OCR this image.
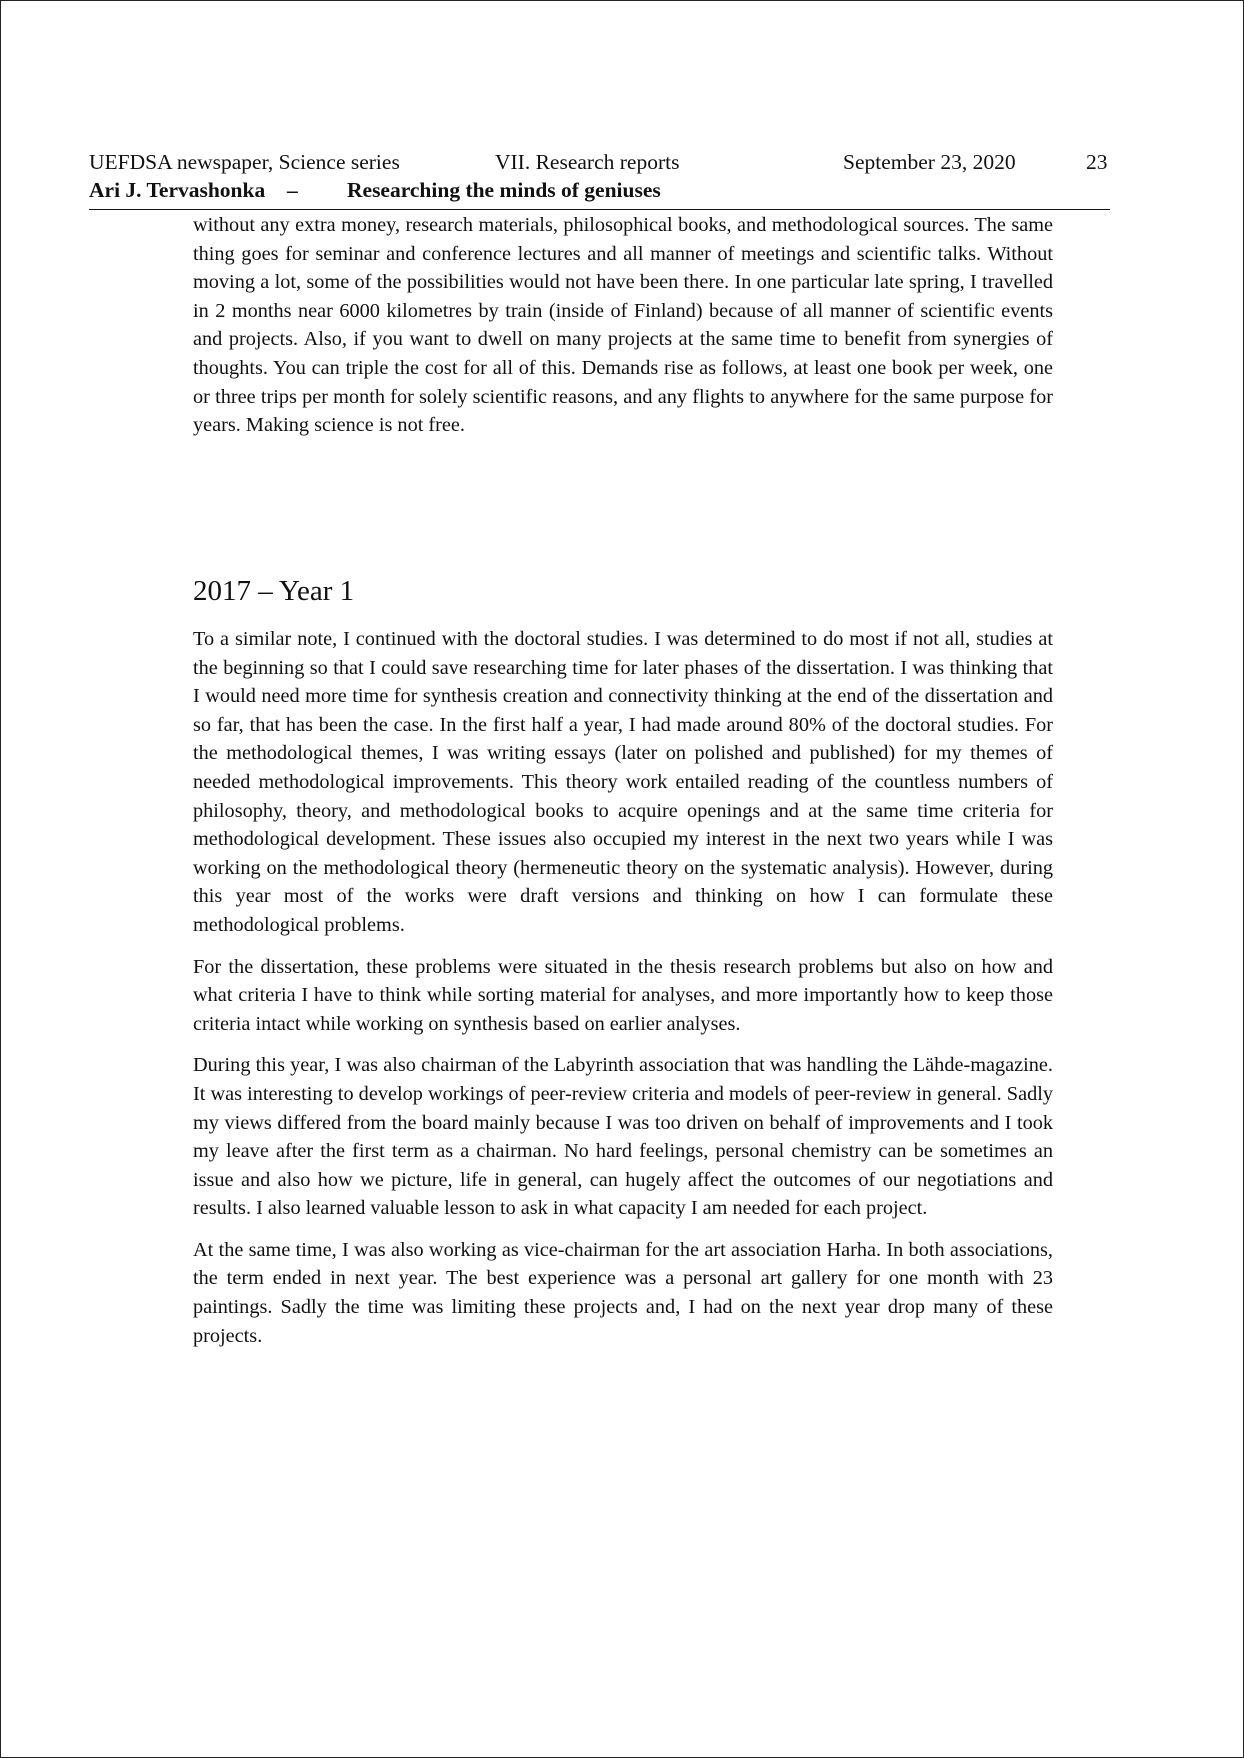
UEFDSA newspaper, Science series	VII. Research reports	September 23, 2020	23
Ari J. Tervashonka – Researching the minds of geniuses

without any extra money, research materials, philosophical books, and methodological sources. The same thing goes for seminar and conference lectures and all manner of meetings and scientific talks. Without moving a lot, some of the possibilities would not have been there. In one particular late spring, I travelled in 2 months near 6000 kilometres by train (inside of Finland) because of all manner of scientific events and projects. Also, if you want to dwell on many projects at the same time to benefit from synergies of thoughts. You can triple the cost for all of this. Demands rise as follows, at least one book per week, one or three trips per month for solely scientific reasons, and any flights to anywhere for the same purpose for years. Making science is not free.

2017 – Year 1

To a similar note, I continued with the doctoral studies. I was determined to do most if not all, studies at the beginning so that I could save researching time for later phases of the dissertation. I was thinking that I would need more time for synthesis creation and connectivity thinking at the end of the dissertation and so far, that has been the case. In the first half a year, I had made around 80% of the doctoral studies. For the methodological themes, I was writing essays (later on polished and published) for my themes of needed methodological improvements. This theory work entailed reading of the countless numbers of philosophy, theory, and methodological books to acquire openings and at the same time criteria for methodological development. These issues also occupied my interest in the next two years while I was working on the methodological theory (hermeneutic theory on the systematic analysis). However, during this year most of the works were draft versions and thinking on how I can formulate these methodological problems.

For the dissertation, these problems were situated in the thesis research problems but also on how and what criteria I have to think while sorting material for analyses, and more importantly how to keep those criteria intact while working on synthesis based on earlier analyses.

During this year, I was also chairman of the Labyrinth association that was handling the Lähde-magazine. It was interesting to develop workings of peer-review criteria and models of peer-review in general. Sadly my views differed from the board mainly because I was too driven on behalf of improvements and I took my leave after the first term as a chairman. No hard feelings, personal chemistry can be sometimes an issue and also how we picture, life in general, can hugely affect the outcomes of our negotiations and results. I also learned valuable lesson to ask in what capacity I am needed for each project.

At the same time, I was also working as vice-chairman for the art association Harha. In both associations, the term ended in next year. The best experience was a personal art gallery for one month with 23 paintings. Sadly the time was limiting these projects and, I had on the next year drop many of these projects.
